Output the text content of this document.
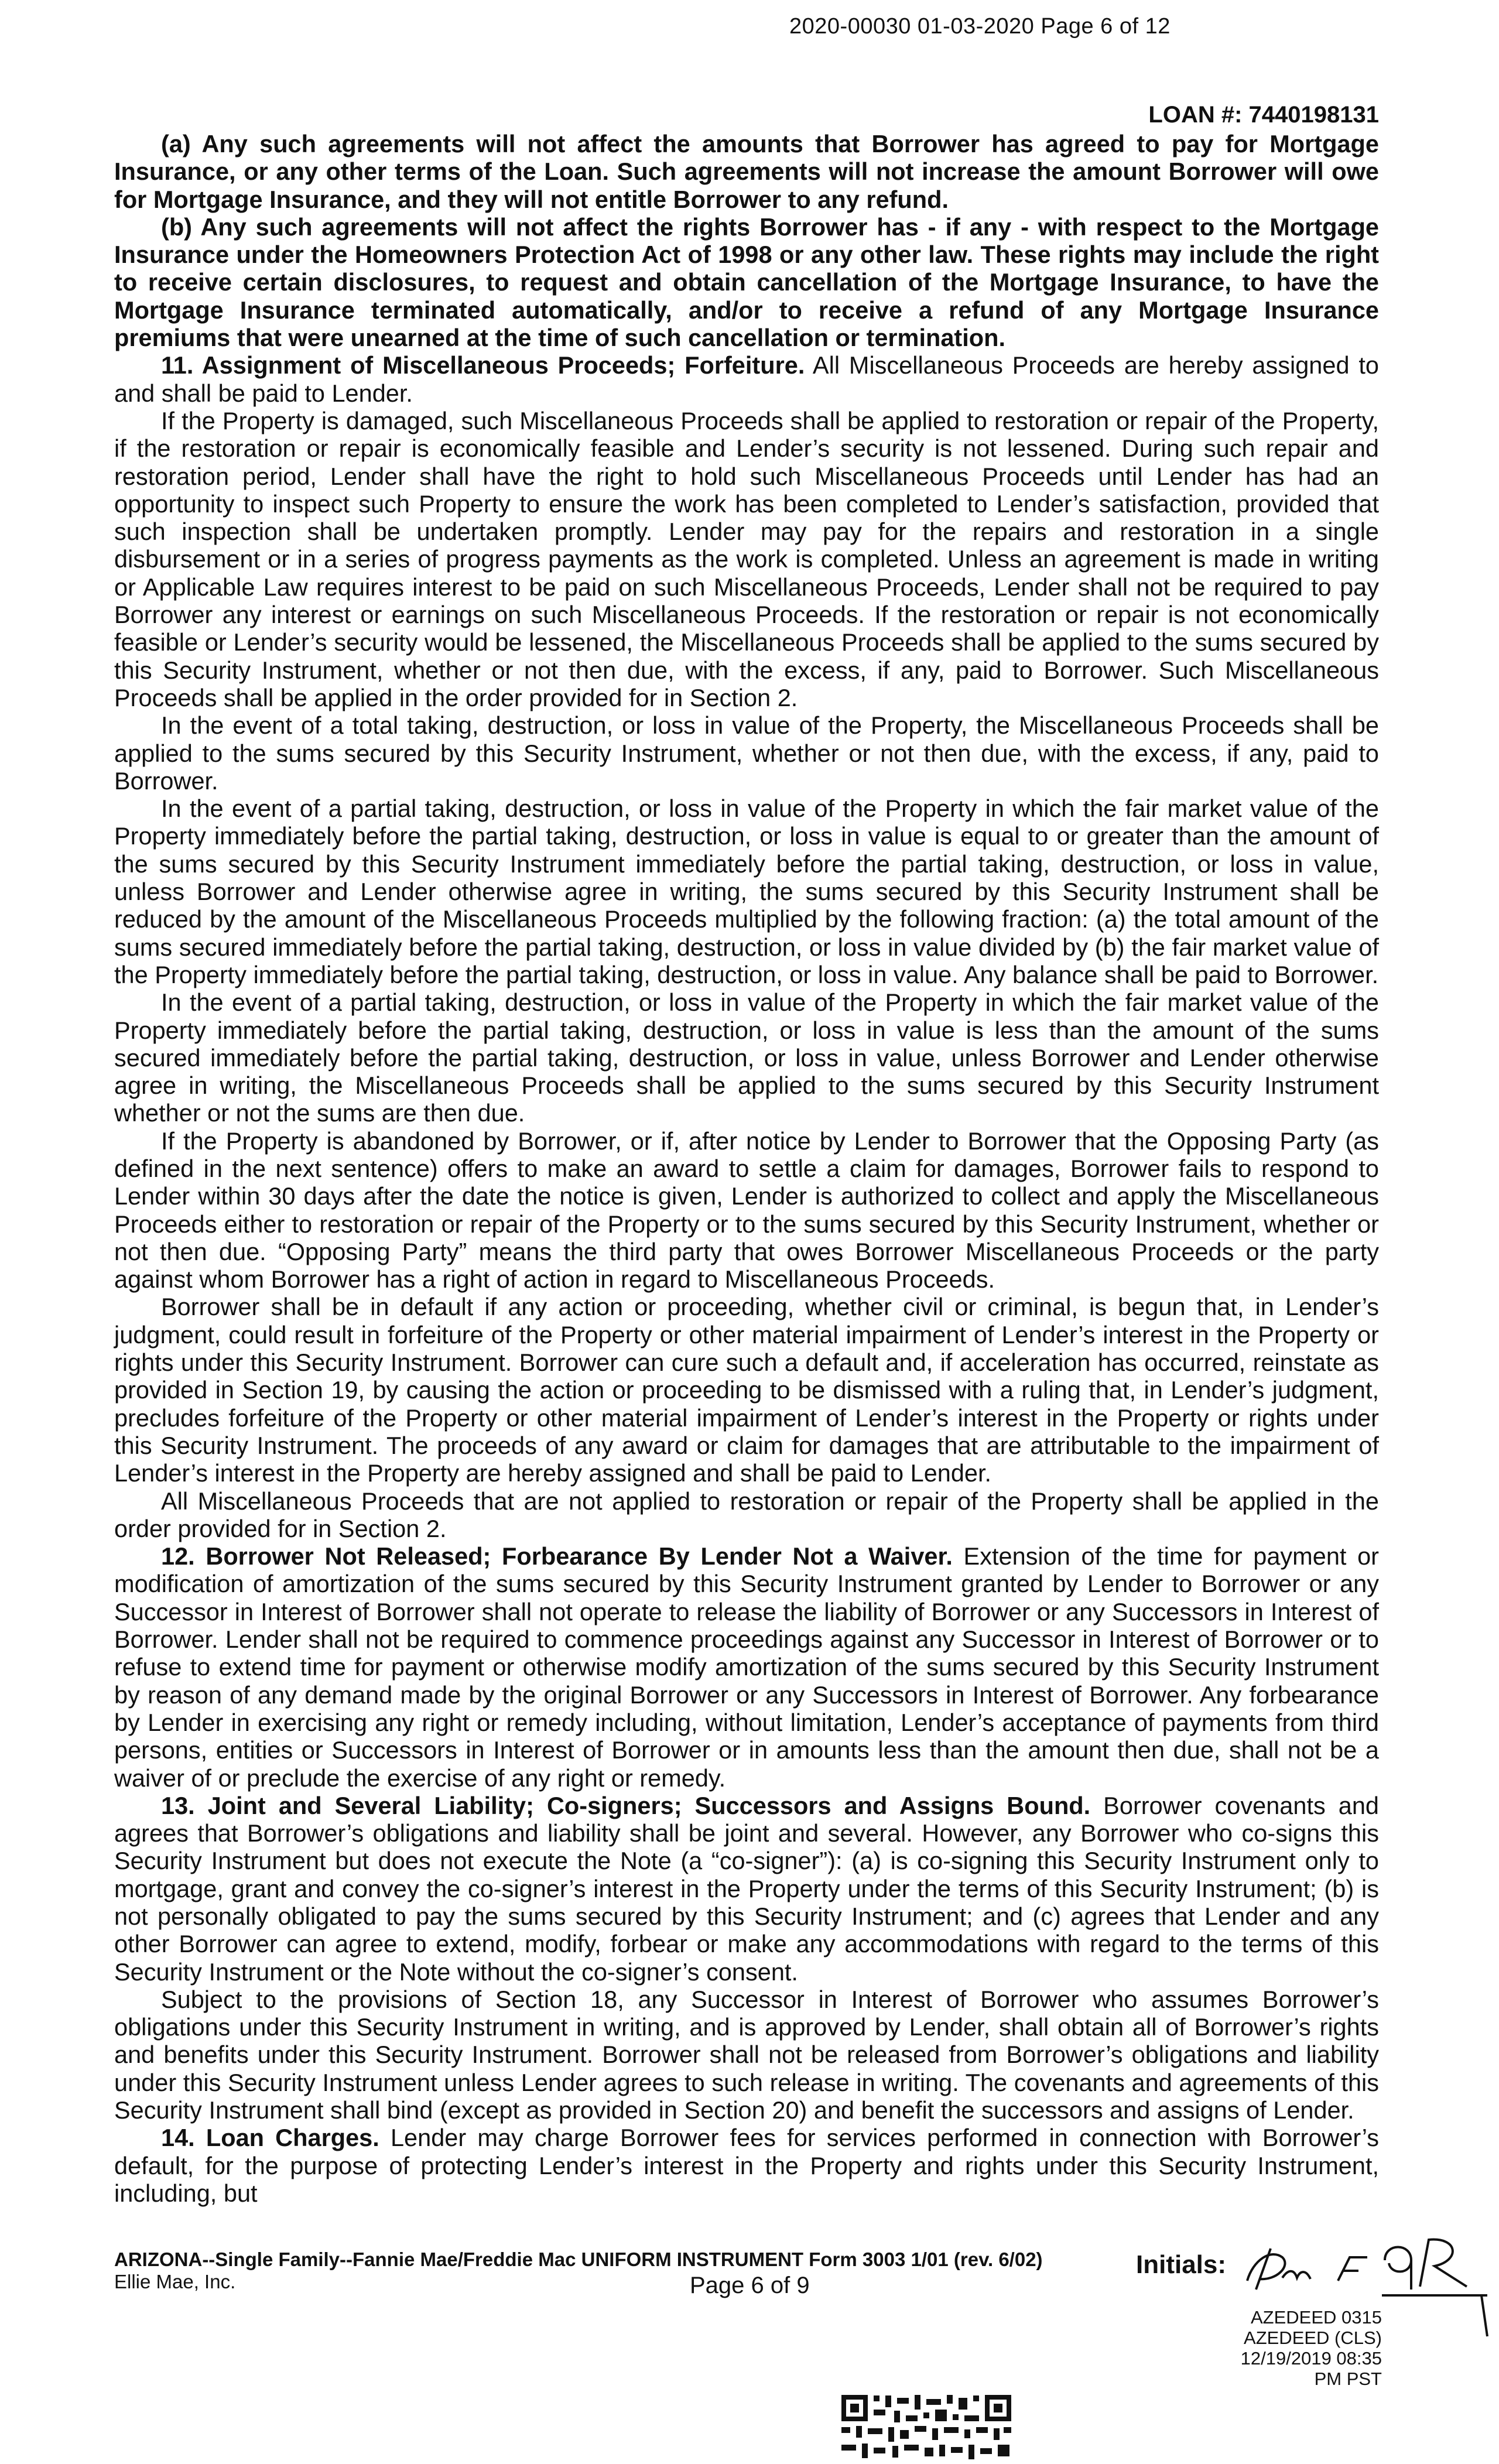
2020-00030 01-03-2020 Page 6 of 12
LOAN #: 7440198131

(a) Any such agreements will not affect the amounts that Borrower has agreed to pay for Mortgage Insurance, or any other terms of the Loan. Such agreements will not increase the amount Borrower will owe for Mortgage Insurance, and they will not entitle Borrower to any refund.

(b) Any such agreements will not affect the rights Borrower has - if any - with respect to the Mortgage Insurance under the Homeowners Protection Act of 1998 or any other law. These rights may include the right to receive certain disclosures, to request and obtain cancellation of the Mortgage Insurance, to have the Mortgage Insurance terminated automatically, and/or to receive a refund of any Mortgage Insurance premiums that were unearned at the time of such cancellation or termination.

11. Assignment of Miscellaneous Proceeds; Forfeiture. All Miscellaneous Proceeds are hereby assigned to and shall be paid to Lender.

If the Property is damaged, such Miscellaneous Proceeds shall be applied to restoration or repair of the Property, if the restoration or repair is economically feasible and Lender’s security is not lessened. During such repair and restoration period, Lender shall have the right to hold such Miscellaneous Proceeds until Lender has had an opportunity to inspect such Property to ensure the work has been completed to Lender’s satisfaction, provided that such inspection shall be undertaken promptly. Lender may pay for the repairs and restoration in a single disbursement or in a series of progress payments as the work is completed. Unless an agreement is made in writing or Applicable Law requires interest to be paid on such Miscellaneous Proceeds, Lender shall not be required to pay Borrower any interest or earnings on such Miscellaneous Proceeds. If the restoration or repair is not economically feasible or Lender’s security would be lessened, the Miscellaneous Proceeds shall be applied to the sums secured by this Security Instrument, whether or not then due, with the excess, if any, paid to Borrower. Such Miscellaneous Proceeds shall be applied in the order provided for in Section 2.

In the event of a total taking, destruction, or loss in value of the Property, the Miscellaneous Proceeds shall be applied to the sums secured by this Security Instrument, whether or not then due, with the excess, if any, paid to Borrower.

In the event of a partial taking, destruction, or loss in value of the Property in which the fair market value of the Property immediately before the partial taking, destruction, or loss in value is equal to or greater than the amount of the sums secured by this Security Instrument immediately before the partial taking, destruction, or loss in value, unless Borrower and Lender otherwise agree in writing, the sums secured by this Security Instrument shall be reduced by the amount of the Miscellaneous Proceeds multiplied by the following fraction: (a) the total amount of the sums secured immediately before the partial taking, destruction, or loss in value divided by (b) the fair market value of the Property immediately before the partial taking, destruction, or loss in value. Any balance shall be paid to Borrower.

In the event of a partial taking, destruction, or loss in value of the Property in which the fair market value of the Property immediately before the partial taking, destruction, or loss in value is less than the amount of the sums secured immediately before the partial taking, destruction, or loss in value, unless Borrower and Lender otherwise agree in writing, the Miscellaneous Proceeds shall be applied to the sums secured by this Security Instrument whether or not the sums are then due.

If the Property is abandoned by Borrower, or if, after notice by Lender to Borrower that the Opposing Party (as defined in the next sentence) offers to make an award to settle a claim for damages, Borrower fails to respond to Lender within 30 days after the date the notice is given, Lender is authorized to collect and apply the Miscellaneous Proceeds either to restoration or repair of the Property or to the sums secured by this Security Instrument, whether or not then due. “Opposing Party” means the third party that owes Borrower Miscellaneous Proceeds or the party against whom Borrower has a right of action in regard to Miscellaneous Proceeds.

Borrower shall be in default if any action or proceeding, whether civil or criminal, is begun that, in Lender’s judgment, could result in forfeiture of the Property or other material impairment of Lender’s interest in the Property or rights under this Security Instrument. Borrower can cure such a default and, if acceleration has occurred, reinstate as provided in Section 19, by causing the action or proceeding to be dismissed with a ruling that, in Lender’s judgment, precludes forfeiture of the Property or other material impairment of Lender’s interest in the Property or rights under this Security Instrument. The proceeds of any award or claim for damages that are attributable to the impairment of Lender’s interest in the Property are hereby assigned and shall be paid to Lender.

All Miscellaneous Proceeds that are not applied to restoration or repair of the Property shall be applied in the order provided for in Section 2.

12. Borrower Not Released; Forbearance By Lender Not a Waiver. Extension of the time for payment or modification of amortization of the sums secured by this Security Instrument granted by Lender to Borrower or any Successor in Interest of Borrower shall not operate to release the liability of Borrower or any Successors in Interest of Borrower. Lender shall not be required to commence proceedings against any Successor in Interest of Borrower or to refuse to extend time for payment or otherwise modify amortization of the sums secured by this Security Instrument by reason of any demand made by the original Borrower or any Successors in Interest of Borrower. Any forbearance by Lender in exercising any right or remedy including, without limitation, Lender’s acceptance of payments from third persons, entities or Successors in Interest of Borrower or in amounts less than the amount then due, shall not be a waiver of or preclude the exercise of any right or remedy.

13. Joint and Several Liability; Co-signers; Successors and Assigns Bound. Borrower covenants and agrees that Borrower’s obligations and liability shall be joint and several. However, any Borrower who co-signs this Security Instrument but does not execute the Note (a “co-signer”): (a) is co-signing this Security Instrument only to mortgage, grant and convey the co-signer’s interest in the Property under the terms of this Security Instrument; (b) is not personally obligated to pay the sums secured by this Security Instrument; and (c) agrees that Lender and any other Borrower can agree to extend, modify, forbear or make any accommodations with regard to the terms of this Security Instrument or the Note without the co-signer’s consent.

Subject to the provisions of Section 18, any Successor in Interest of Borrower who assumes Borrower’s obligations under this Security Instrument in writing, and is approved by Lender, shall obtain all of Borrower’s rights and benefits under this Security Instrument. Borrower shall not be released from Borrower’s obligations and liability under this Security Instrument unless Lender agrees to such release in writing. The covenants and agreements of this Security Instrument shall bind (except as provided in Section 20) and benefit the successors and assigns of Lender.

14. Loan Charges. Lender may charge Borrower fees for services performed in connection with Borrower’s default, for the purpose of protecting Lender’s interest in the Property and rights under this Security Instrument, including, but

ARIZONA--Single Family--Fannie Mae/Freddie Mac UNIFORM INSTRUMENT Form 3003 1/01 (rev. 6/02)
Ellie Mae, Inc.	Page 6 of 9
Initials:
AZEDEED 0315
AZEDEED (CLS)
12/19/2019 08:35 PM PST
